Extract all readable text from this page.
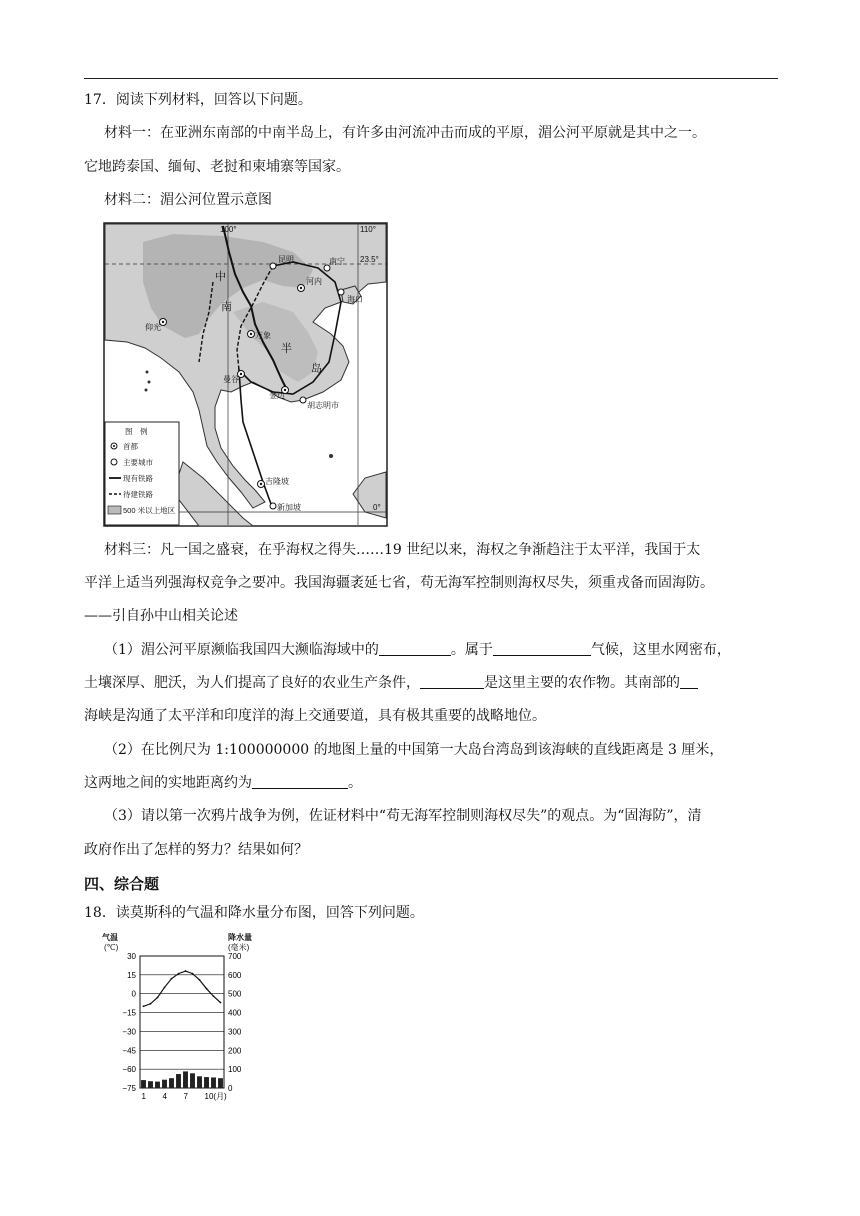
17．阅读下列材料，回答以下问题。
材料一：在亚洲东南部的中南半岛上，有许多由河流冲击而成的平原，湄公河平原就是其中之一。
它地跨泰国、缅甸、老挝和柬埔寨等国家。
材料二：湄公河位置示意图
100°	110°
23.5°
0°
昆明	南宁
海口
河内
万象
曼谷
金边
胡志明市
吉隆坡
新加坡
仰光
中
南
半
岛
图　例
首都
主要城市
现有铁路
待建铁路
500 米以上地区
材料三：凡一国之盛衰，在乎海权之得失……19 世纪以来，海权之争渐趋注于太平洋，我国于太
平洋上适当列强海权竞争之要冲。我国海疆袤延七省，苟无海军控制则海权尽失，须重戎备而固海防。
——引自孙中山相关论述
（1）湄公河平原濒临我国四大濒临海域中的	。属于	气候，这里水网密布，
土壤深厚、肥沃，为人们提高了良好的农业生产条件，	是这里主要的农作物。其南部的
海峡是沟通了太平洋和印度洋的海上交通要道，具有极其重要的战略地位。
（2）在比例尺为 1:100000000 的地图上量的中国第一大岛台湾岛到该海峡的直线距离是 3 厘米，
这两地之间的实地距离约为	。
（3）请以第一次鸦片战争为例，佐证材料中“苟无海军控制则海权尽失”的观点。为“固海防”，清
政府作出了怎样的努力？结果如何？
四、综合题
18．读莫斯科的气温和降水量分布图，回答下列问题。
气温
(℃)
降水量
(毫米)
30	700
15	600
0	500
−15	400
−30	300
−45	200
−60	100
−75	0
1 4 7 10(月)
